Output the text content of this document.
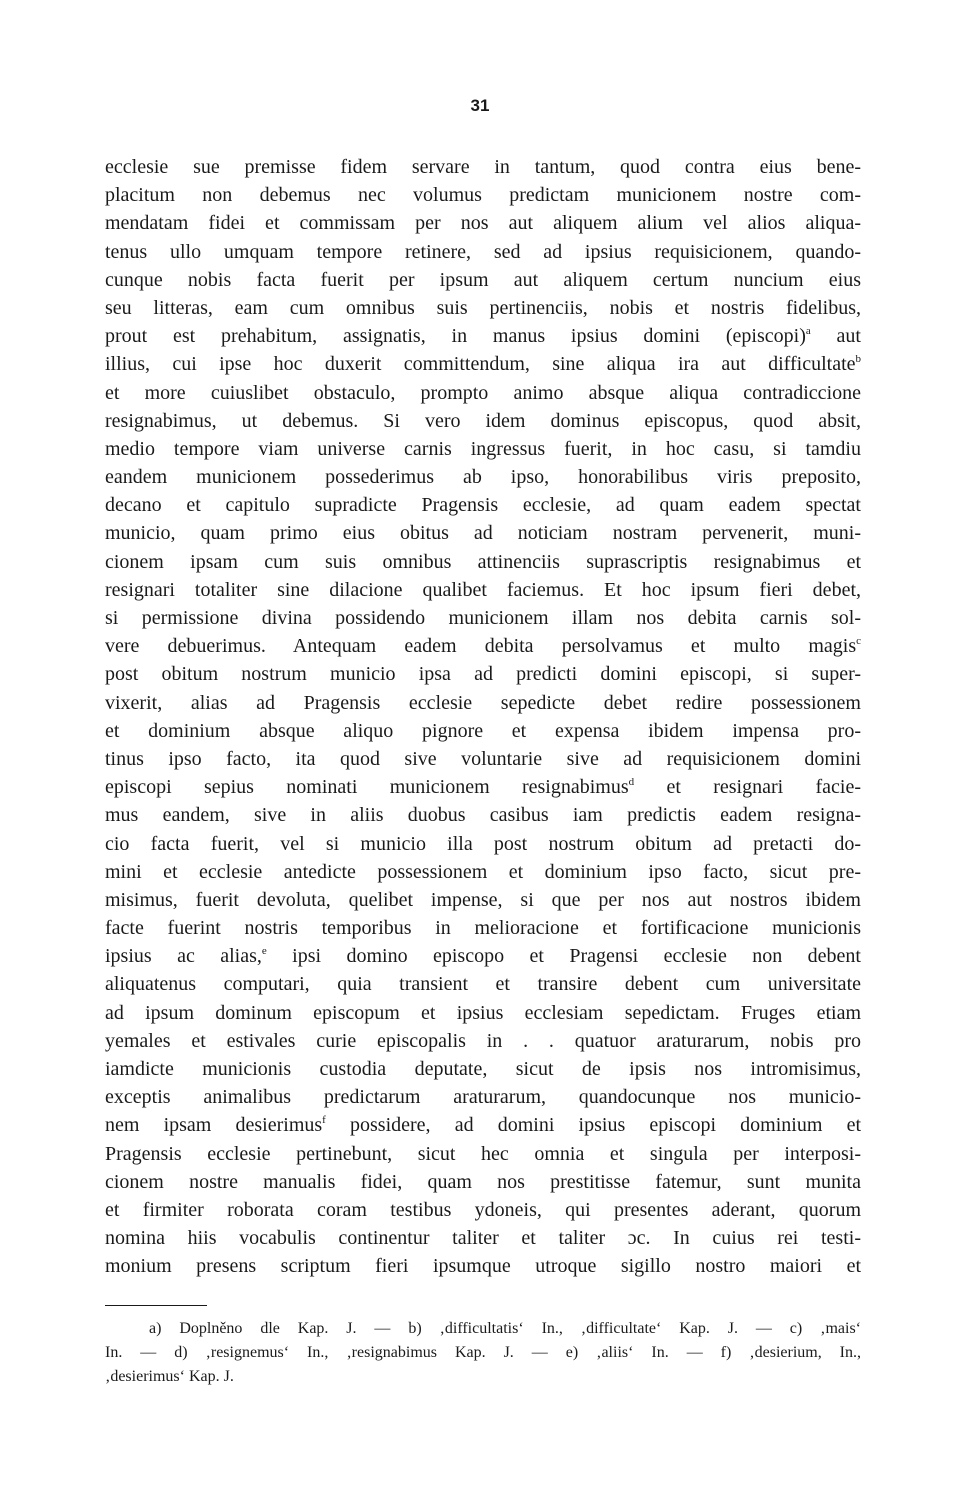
31
ecclesie sue premisse fidem servare in tantum, quod contra eius bene-
placitum non debemus nec volumus predictam municionem nostre com-
mendatam fidei et commissam per nos aut aliquem alium vel alios aliqua-
tenus ullo umquam tempore retinere, sed ad ipsius requisicionem, quando-
cunque nobis facta fuerit per ipsum aut aliquem certum nuncium eius
seu litteras, eam cum omnibus suis pertinenciis, nobis et nostris fidelibus,
prout est prehabitum, assignatis, in manus ipsius domini (episcopi)$^a$ aut
illius, cui ipse hoc duxerit committendum, sine aliqua ira aut difficultate$^b$
et more cuiuslibet obstaculo, prompto animo absque aliqua contradiccione
resignabimus, ut debemus. Si vero idem dominus episcopus, quod absit,
medio tempore viam universe carnis ingressus fuerit, in hoc casu, si tamdiu
eandem municionem possederimus ab ipso, honorabilibus viris preposito,
decano et capitulo supradicte Pragensis ecclesie, ad quam eadem spectat
municio, quam primo eius obitus ad noticiam nostram pervenerit, muni-
cionem ipsam cum suis omnibus attinenciis suprascriptis resignabimus et
resignari totaliter sine dilacione qualibet faciemus. Et hoc ipsum fieri debet,
si permissione divina possidendo municionem illam nos debita carnis sol-
vere debuerimus. Antequam eadem debita persolvamus et multo magis$^c$
post obitum nostrum municio ipsa ad predicti domini episcopi, si super-
vixerit, alias ad Pragensis ecclesie sepedicte debet redire possessionem
et dominium absque aliquo pignore et expensa ibidem impensa pro-
tinus ipso facto, ita quod sive voluntarie sive ad requisicionem domini
episcopi sepius nominati municionem resignabimus$^d$ et resignari facie-
mus eandem, sive in aliis duobus casibus iam predictis eadem resigna-
cio facta fuerit, vel si municio illa post nostrum obitum ad pretacti do-
mini et ecclesie antedicte possessionem et dominium ipso facto, sicut pre-
misimus, fuerit devoluta, quelibet impense, si que per nos aut nostros ibidem
facte fuerint nostris temporibus in melioracione et fortificacione municionis
ipsius ac alias,$^e$ ipsi domino episcopo et Pragensi ecclesie non debent
aliquatenus computari, quia transient et transire debent cum universitate
ad ipsum dominum episcopum et ipsius ecclesiam sepedictam. Fruges etiam
yemales et estivales curie episcopalis in . . quatuor araturarum, nobis pro
iamdicte municionis custodia deputate, sicut de ipsis nos intromisimus,
exceptis animalibus predictarum araturarum, quandocunque nos municio-
nem ipsam desierimus$^f$ possidere, ad domini ipsius episcopi dominium et
Pragensis ecclesie pertinebunt, sicut hec omnia et singula per interposi-
cionem nostre manualis fidei, quam nos prestitisse fatemur, sunt munita
et firmiter roborata coram testibus ydoneis, qui presentes aderant, quorum
nomina hiis vocabulis continentur taliter et taliter ɔc. In cuius rei testi-
monium presens scriptum fieri ipsumque utroque sigillo nostro maiori et
a) Doplněno dle Kap. J. — b) ‚difficultatis‘ In., ‚difficultate‘ Kap. J. — c) ‚mais‘
In. — d) ‚resignemus‘ In., ‚resignabimus Kap. J. — e) ‚aliis‘ In. — f) ‚desierium, In.,
‚desierimus‘ Kap. J.
